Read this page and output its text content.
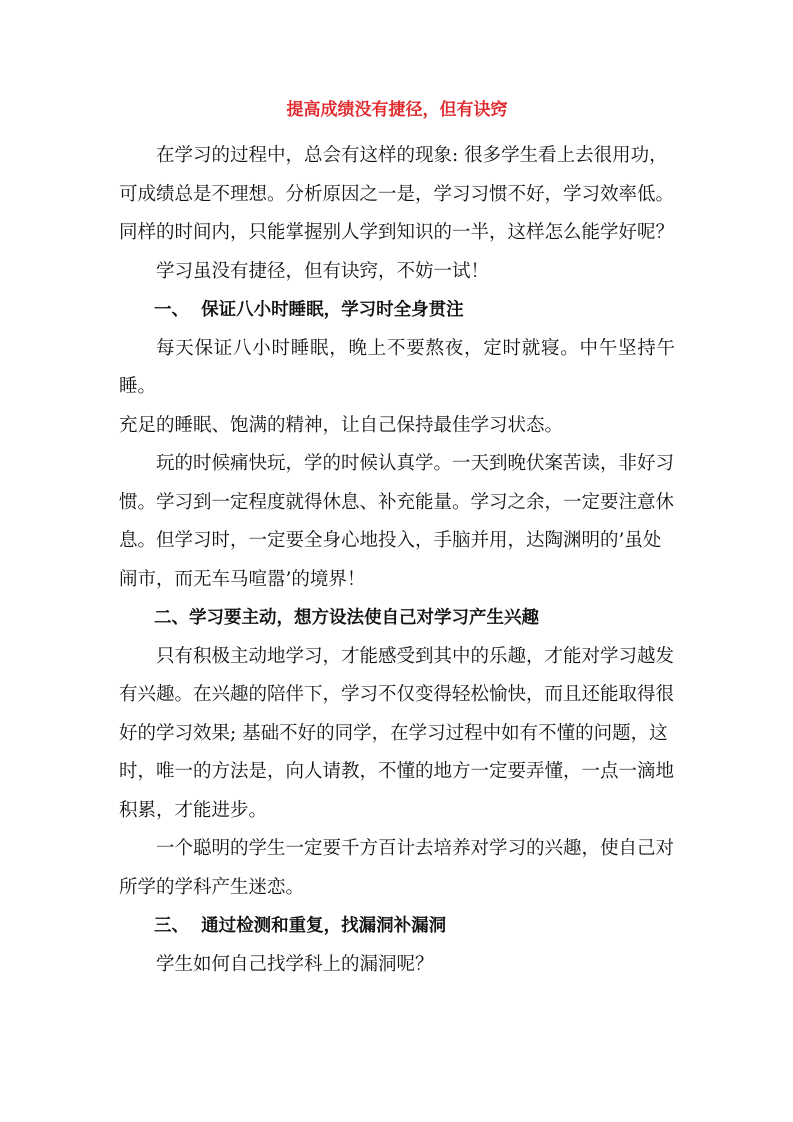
提高成绩没有捷径，但有诀窍

在学习的过程中，总会有这样的现象: 很多学生看上去很用功，
可成绩总是不理想。分析原因之一是，学习习惯不好，学习效率低。
同样的时间内，只能掌握别人学到知识的一半，这样怎么能学好呢？

学习虽没有捷径，但有诀窍，不妨一试！

一、  保证八小时睡眠，学习时全身贯注

每天保证八小时睡眠，晚上不要熬夜，定时就寝。中午坚持午睡。
充足的睡眠、饱满的精神，让自己保持最佳学习状态。

玩的时候痛快玩，学的时候认真学。一天到晚伏案苦读，非好习
惯。学习到一定程度就得休息、补充能量。学习之余，一定要注意休
息。但学习时，一定要全身心地投入，手脑并用，达陶渊明的’虽处
闹市，而无车马喧嚣’的境界！

二、学习要主动，想方设法使自己对学习产生兴趣

只有积极主动地学习，才能感受到其中的乐趣，才能对学习越发
有兴趣。在兴趣的陪伴下，学习不仅变得轻松愉快，而且还能取得很
好的学习效果; 基础不好的同学，在学习过程中如有不懂的问题，这
时，唯一的方法是，向人请教，不懂的地方一定要弄懂，一点一滴地
积累，才能进步。

一个聪明的学生一定要千方百计去培养对学习的兴趣，使自己对
所学的学科产生迷恋。

三、  通过检测和重复，找漏洞补漏洞

学生如何自己找学科上的漏洞呢？
